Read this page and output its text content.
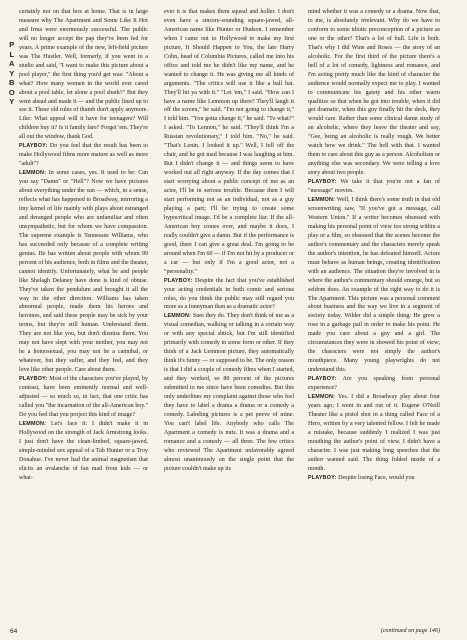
P
L
A
Y
B
O
Y

certainly not on that box at home. That is in large measure why The Apartment and Some Like It Hot and Irma were enormously successful. The public will no longer accept the pap they've been fed for years. A prime example of the new, left-field picture was The Hustler. Well, formerly, if you went to a studio and said, "I want to make this picture about a pool player," the first thing you'd get was: "About a what? How many women in the world ever cared about a pool table, let alone a pool shark?" But they went ahead and made it — and the public lined up to see it. These old rules of thumb don't apply anymore. Like: What appeal will it have for teenagers? Will children buy it? Is it family fare? Forget 'em. They're all out the window, thank God.

PLAYBOY: Do you feel that the result has been to make Hollywood films more mature as well as more "adult"?

LEMMON: In some cases, yes. It used to be: Can you say "Damn" or "Hell"? Now we have pictures about everything under the sun — which, in a sense, reflects what has happened to Broadway, mirroring a tiny kernel of life mainly with plays about estranged and deranged people who are unfamiliar and often unsympathetic, but for whom we have compassion. The supreme example is Tennessee Williams, who has succeeded only because of a complete writing genius. He has written about people with whom 99 percent of his audience, both in films and the theater, cannot identify. Unfortunately, what he and people like Shelagh Delaney have done is kind of obtuse. They've taken the pendulum and brought it all the way in the other direction. Williams has taken abnormal people, made them his heroes and heroines, and said these people may be sick by your terms, but they're still human. Understand them. They are not like you, but don't dismiss them. You may not have slept with your mother, you may not be a homosexual, you may not be a cannibal, or whatever, but they suffer, and they feel, and they love like other people. Care about them.

PLAYBOY: Most of the characters you've played, by contrast, have been eminently normal and well-adjusted — so much so, in fact, that one critic has called you "the incarnation of the all-American boy." Do you feel that you project this kind of image?

LEMMON: Let's face it: I didn't make it in Hollywood on the strength of Jack Armstrong looks. I just don't have the clean-limbed, square-jawed, simple-minded sex appeal of a Tab Hunter or a Troy Donahue. I've never had the animal magnetism that elicits an avalanche of fan mail from kids — or what-

ever it is that makes them squeal and holler. I don't even have a sincere-sounding square-jawed, all-American name like Hunter or Hudson. I remember when I came out to Hollywood to make my first picture, It Should Happen to You, the late Harry Cohn, head of Columbia Pictures, called me into his office and told me he didn't like my name, and he wanted to change it. He was giving me all kinds of arguments. "The critics will use it like a ball bat. They'll hit ya with it." "Let 'em," I said. "How can I have a name like Lemmon up there? They'll laugh it off the screen," he said. "I'm not going to change it," I told him. "You gotta change it," he said. "To what?" I asked. "To Lennon," he said. "They'll think I'm a Russian revolutionary," I told him. "No," he said. "That's Lenin. I looked it up." Well, I fell off the chair, and he got mad because I was laughing at him. But I didn't change it — and things seem to have worked out all right anyway. If the day comes that I start worrying about a public concept of me as an actor, I'll be in serious trouble. Because then I will start performing not as an individual, not as a guy playing a part; I'll be trying to create some hypocritical image. I'd be a complete liar. If the all-American boy comes over, and maybe it does, I really couldn't give a damn. But if the performance is good, there I can give a great deal. I'm going to be around when I'm 60 — if I'm not hit by a producer or a car — but only if I'm a good actor, not a "personality."

PLAYBOY: Despite the fact that you've established your acting credentials in both comic and serious roles, do you think the public may still regard you more as a funnyman than as a dramatic actor?

LEMMON: Sure they do. They don't think of me as a visual comedian, walking or talking in a certain way or with any special shtick, but I'm still identified primarily with comedy in some form or other. If they think of a Jack Lemmon picture, they automatically think it's funny — or supposed to be. The only reason is that I did a couple of comedy films when I started, and they worked, so 80 percent of the pictures submitted to me since have been comedies. But this only underlines my complaint against those who feel they have to label a drama a drama or a comedy a comedy. Labeling pictures is a pet peeve of mine. You can't label life. Anybody who calls The Apartment a comedy is nuts. It was a drama and a romance and a comedy — all three. The few critics who reviewed The Apartment unfavorably agreed almost unanimously on the single point that the picture couldn't make up its

mind whether it was a comedy or a drama. Now that, to me, is absolutely irrelevant. Why do we have to conform to some idiotic preconception of a picture as one or the other? That's a lot of bull. Life is both. That's why I did Wine and Roses — the story of an alcoholic. For the first third of the picture there's a hell of a lot of comedy, lightness and romance, and I'm acting pretty much like the kind of character the audience would normally expect me to play. I wanted to communicate his gaiety and his other warm qualities so that when he got into trouble, when it did get dramatic, when this guy finally hit the deck, they would care. Rather than some clinical damn study of an alcoholic, where they leave the theater and say, "Gee, being an alcoholic is really rough. We better watch how we drink." The hell with that. I wanted them to care about this guy as a person. Alcoholism or anything else was secondary. We were telling a love story about two people.

PLAYBOY: We take it that you're not a fan of "message" movies.

LEMMON: Well, I think there's some truth in that old screenwriting saw, "If you've got a message, call Western Union." If a writer becomes obsessed with making his personal point of view too strong within a play or a film, so obsessed that the scenes become the author's commentary and the characters merely speak the author's intention, he has defeated himself. Actors must behave as human beings, creating identification with an audience. The situation they're involved in is where the author's commentary should emerge, but so seldom does. An example of the right way to do it is The Apartment. This picture was a personal comment about business and the way we live in a segment of society today. Wilder did a simple thing: He grew a rose in a garbage pail in order to make his point. He made you care about a guy and a girl. The circumstances they were in showed his point of view; the characters were not simply the author's mouthpiece. Many young playwrights do not understand this.

PLAYBOY: Are you speaking from personal experience?

LEMMON: Yes. I did a Broadway play about four years ago; I went in and out of it. Eugene O'Neill Theater like a pistol shot in a thing called Face of a Hero, written by a very talented fellow. I felt he made a mistake, because suddenly I realized I was just mouthing the author's point of view. I didn't have a character. I was just making long speeches that the author wanted said. The thing folded inside of a month.

PLAYBOY: Despite losing Face, would you

64	(continued on page 146)
